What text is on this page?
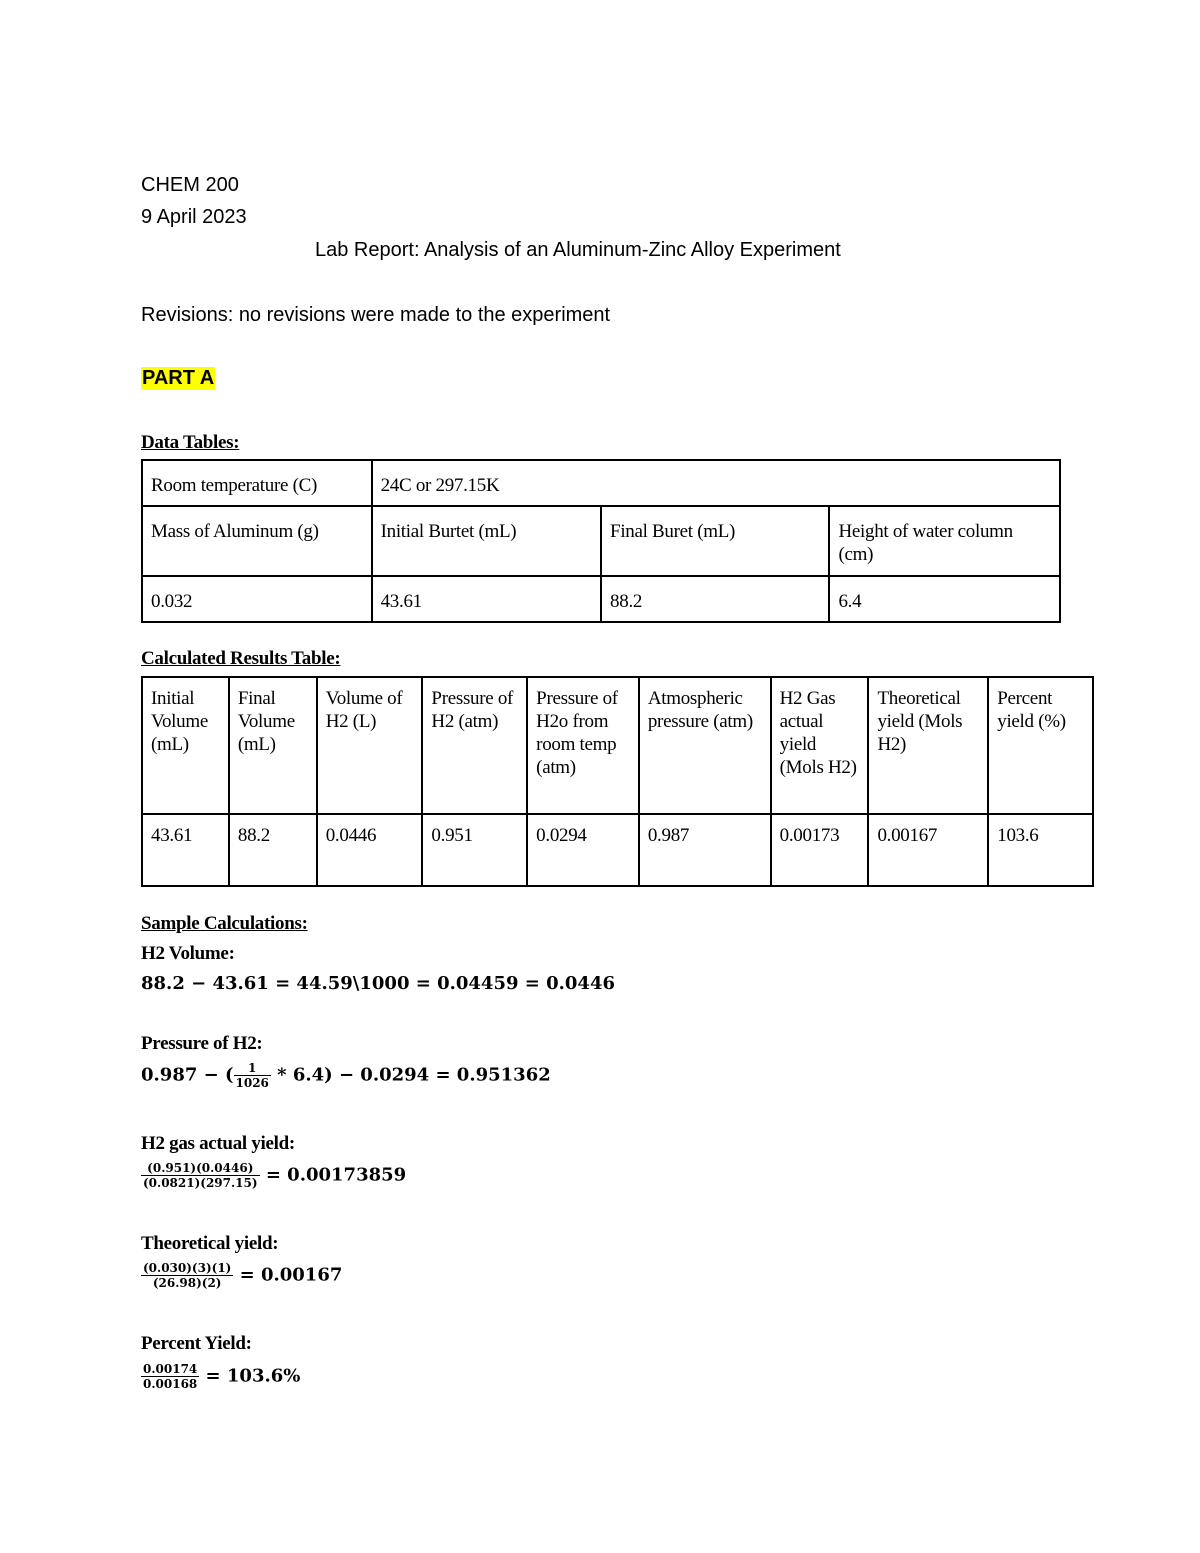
CHEM 200
9 April 2023
Lab Report: Analysis of an Aluminum-Zinc Alloy Experiment
Revisions: no revisions were made to the experiment
PART A
Data Tables:
Room temperature (C)	24C or 297.15K		
Mass of Aluminum (g)	Initial Burtet (mL)	Final Buret (mL)	Height of water column (cm)
0.032	43.61	88.2	6.4
Calculated Results Table:
Initial Volume (mL)	Final Volume (mL)	Volume of H2 (L)	Pressure of H2 (atm)	Pressure of H2o from room temp (atm)	Atmospheric pressure (atm)	H2 Gas actual yield (Mols H2)	Theoretical yield (Mols H2)	Percent yield (%)
43.61	88.2	0.0446	0.951	0.0294	0.987	0.00173	0.00167	103.6
Sample Calculations:
H2 Volume:
88.2 − 43.61 = 44.59\1000 = 0.04459 = 0.0446
Pressure of H2:
0.987 − ( $\frac{1}{1026} * 6.4) - 0.0294 = 0.951362$
H2 gas actual yield:
$\frac{(0.951)(0.0446)}{(0.0821)(297.15)} = 0.00173859$
Theoretical yield:
$\frac{(0.030)(3)(1)}{(26.98)(2)} = 0.00167$
Percent Yield:
$\frac{0.00174}{0.00168} = 103.6\%$
